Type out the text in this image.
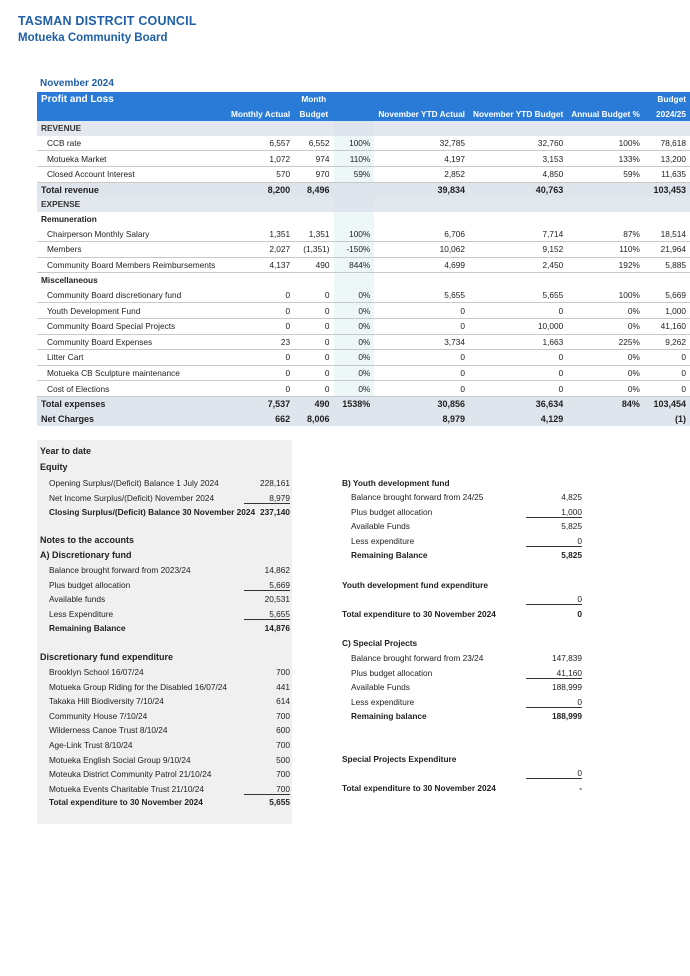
TASMAN DISTRCIT COUNCIL
Motueka Community Board
November 2024
Profit and Loss		Month					Budget
	Monthly Actual	Budget		November YTD Actual	November YTD Budget	Annual Budget %	2024/25
REVENUE							
CCB rate	6,557	6,552	100%	32,785	32,760	100%	78,618
Motueka Market	1,072	974	110%	4,197	3,153	133%	13,200
Closed Account Interest	570	970	59%	2,852	4,850	59%	11,635
Total revenue	8,200	8,496		39,834	40,763		103,453
EXPENSE							
Remuneration							
Chairperson Monthly Salary	1,351	1,351	100%	6,706	7,714	87%	18,514
Members	2,027	(1,351)	-150%	10,062	9,152	110%	21,964
Community Board Members Reimbursements	4,137	490	844%	4,699	2,450	192%	5,885
Miscellaneous							
Community Board discretionary fund	0	0	0%	5,655	5,655	100%	5,669
Youth Development Fund	0	0	0%	0	0	0%	1,000
Community Board Special Projects	0	0	0%	0	10,000	0%	41,160
Community Board Expenses	23	0	0%	3,734	1,663	225%	9,262
Litter Cart	0	0	0%	0	0	0%	0
Motueka CB Sculpture maintenance	0	0	0%	0	0	0%	0
Cost of Elections	0	0	0%	0	0	0%	0
Total expenses	7,537	490	1538%	30,856	36,634	84%	103,454
Net Charges	662	8,006		8,979	4,129		(1)
Year to date
Equity
Opening Surplus/(Deficit) Balance 1 July 2024	228,161
Net Income Surplus/(Deficit) November 2024	8,979
Closing Surplus/(Deficit) Balance 30 November 2024 237,140
Notes to the accounts
A) Discretionary fund
Balance brought forward from 2023/24	14,862
Plus budget allocation	5,669
Available funds	20,531
Less Expenditure	5,655
Remaining Balance	14,876
Discretionary fund expenditure
Brooklyn School 16/07/24	700
Motueka Group Riding for the Disabled 16/07/24	441
Takaka Hill Biodiversity 7/10/24	614
Community House 7/10/24	700
Wilderness Canoe Trust 8/10/24	600
Age-Link Trust 8/10/24	700
Motueka English Social Group 9/10/24	500
Moteuka District Community Patrol 21/10/24	700
Motueka Events Charitable Trust 21/10/24	700
Total expenditure to 30 November 2024	5,655
B) Youth development fund
Balance brought forward from 24/25	4,825
Plus budget allocation	1,000
Available Funds	5,825
Less expenditure	0
Remaining Balance	5,825
Youth development fund expenditure
0
Total expenditure to 30 November 2024	0
C) Special Projects
Balance brought forward from 23/24	147,839
Plus budget allocation	41,160
Available Funds	188,999
Less expenditure	0
Remaining balance	188,999
Special Projects Expenditure
0
Total expenditure to 30 November 2024	-
